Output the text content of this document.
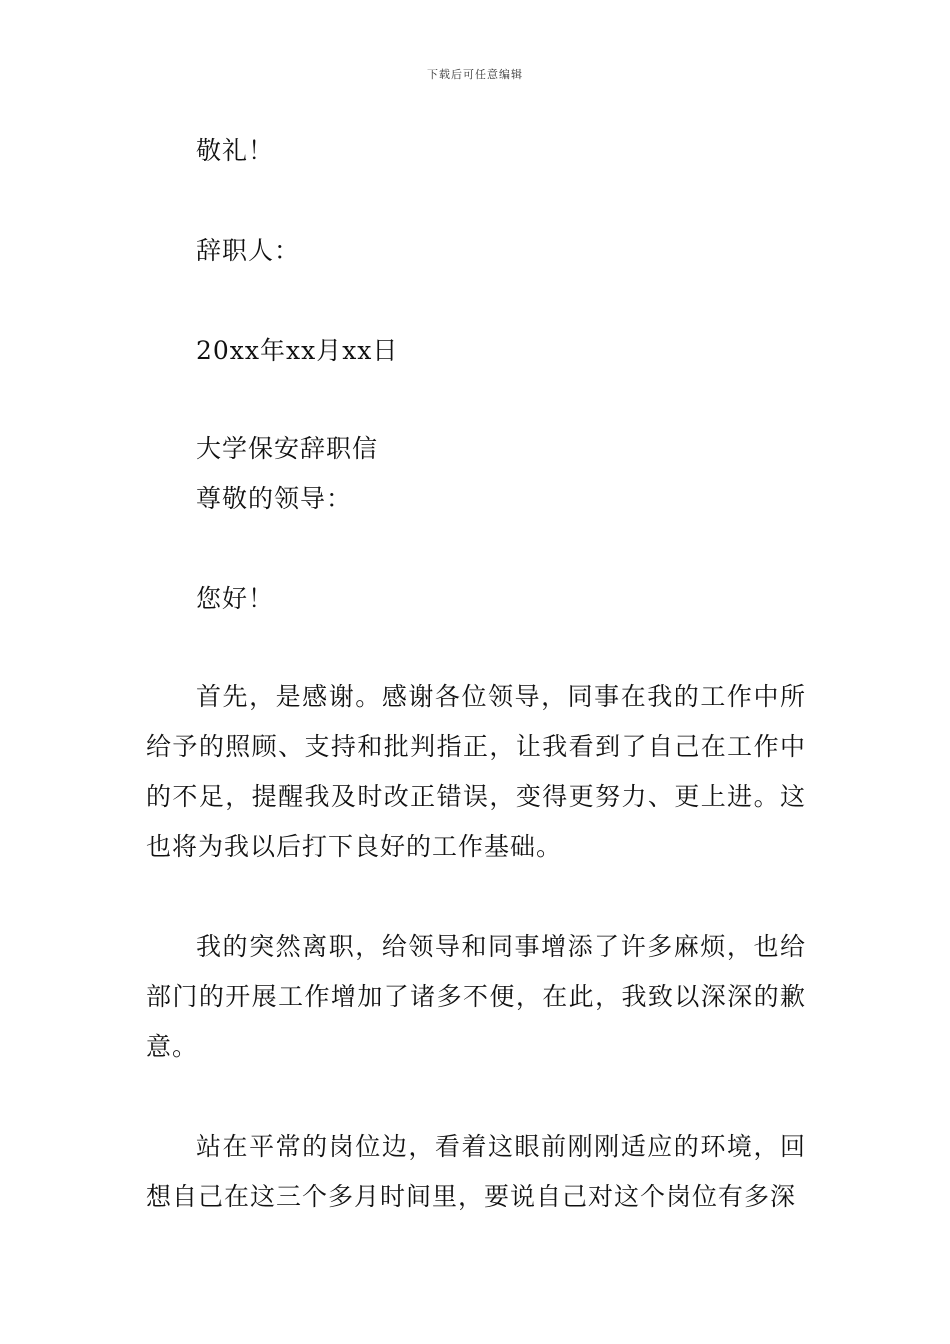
下载后可任意编辑
敬礼！
辞职人：
20xx年xx月xx日
大学保安辞职信
尊敬的领导：
您好！
首先，是感谢。感谢各位领导，同事在我的工作中所给予的照顾、支持和批判指正，让我看到了自己在工作中的不足，提醒我及时改正错误，变得更努力、更上进。这也将为我以后打下良好的工作基础。
我的突然离职，给领导和同事增添了许多麻烦，也给部门的开展工作增加了诸多不便，在此，我致以深深的歉意。
站在平常的岗位边，看着这眼前刚刚适应的环境，回想自己在这三个多月时间里，要说自己对这个岗位有多深
